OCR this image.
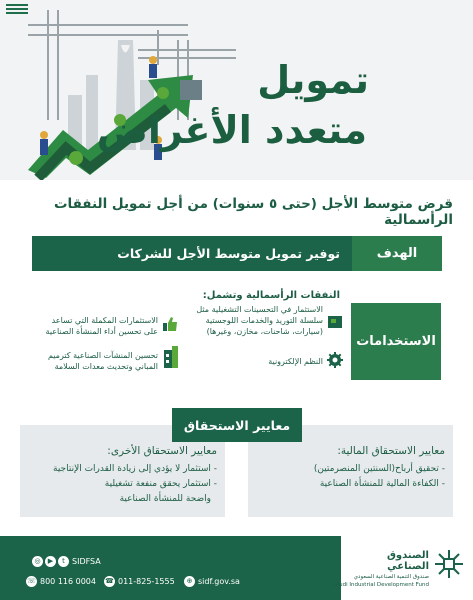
تمويل
متعدد الأغراض
قرض متوسط الأجل (حتى ٥ سنوات) من أجل تمويل النفقات الرأسمالية
الهدف
توفير تمويل متوسط الأجل للشركات
الاستخدامات
النفقات الرأسمالية وتشمل:
الاستثمار في التحسينات التشغيلية مثل
سلسلة التوريد والخدمات اللوجستية
(سيارات، شاحنات، مخازن، وغيرها)
النظم الإلكترونية
الاستثمارات المكملة التي تساعد
على تحسين أداء المنشأة الصناعية
تحسين المنشآت الصناعية كترميم
المباني وتحديث معدات السلامة
معايير الاستحقاق
معايير الاستحقاق المالية:
- تحقيق أرباح(السنتين المنصرمتين)
- الكفاءة المالية للمنشأة الصناعية
معايير الاستحقاق الأخرى:
- استثمار لا يؤدي إلى زيادة القدرات الإنتاجية
- استثمار يحقق منفعة تشغيلية
واضحة للمنشأة الصناعية
◎	▶	t SIDFSA
☏ 800 116 0004 ☎ 011-825-1555	⊕ sidf.gov.sa
الصندوق الصناعي
صندوق التنمية الصناعية السعودي
Saudi Industrial Development Fund
